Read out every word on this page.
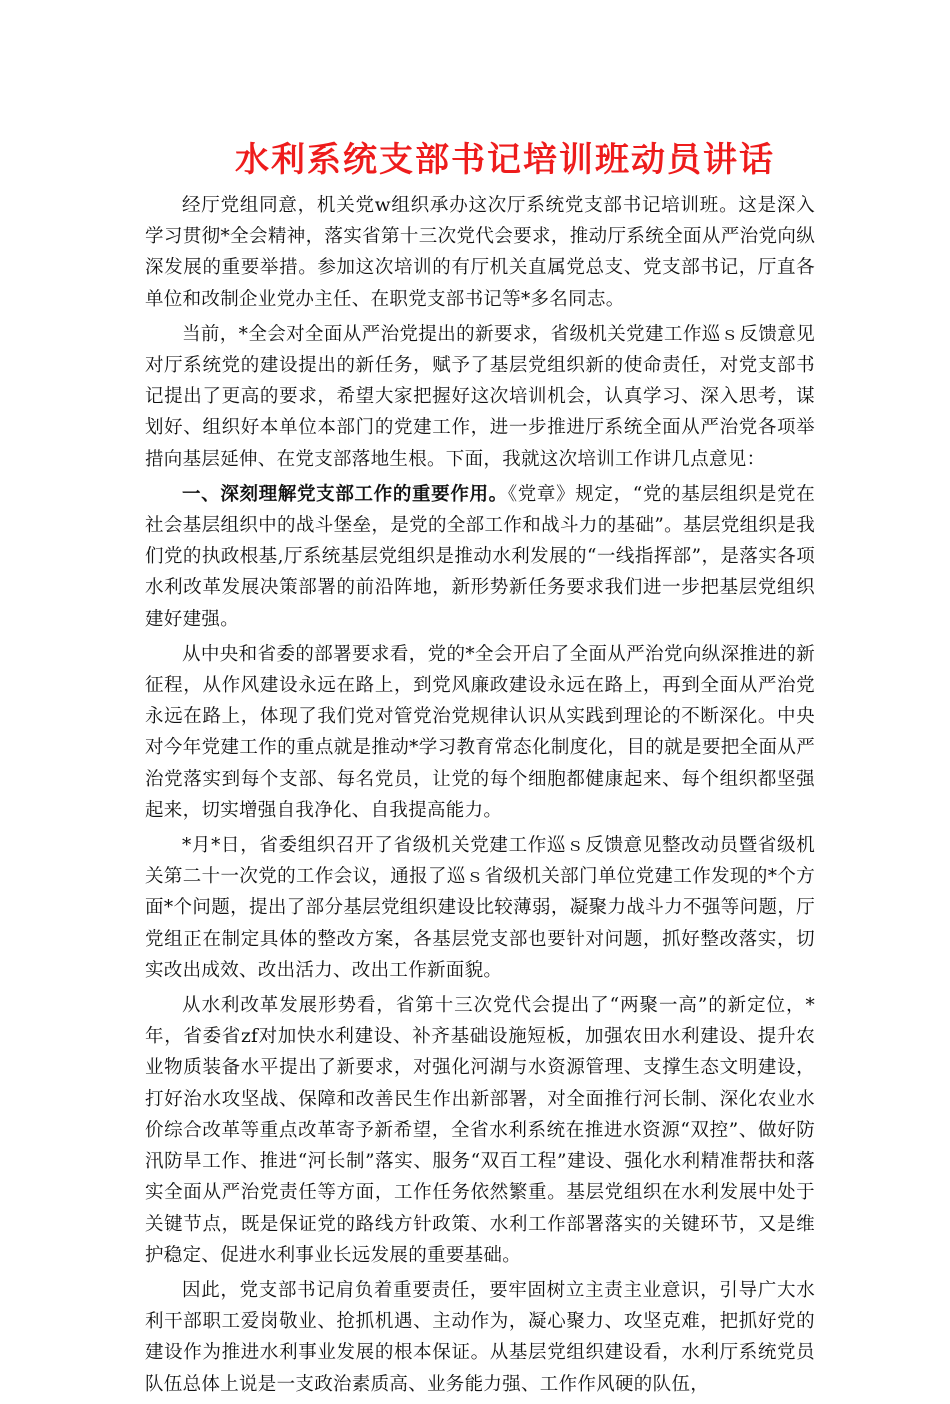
水利系统支部书记培训班动员讲话

经厅党组同意，机关党w组织承办这次厅系统党支部书记培训班。这是深入学习贯彻*全会精神，落实省第十三次党代会要求，推动厅系统全面从严治党向纵深发展的重要举措。参加这次培训的有厅机关直属党总支、党支部书记，厅直各单位和改制企业党办主任、在职党支部书记等*多名同志。

当前，*全会对全面从严治党提出的新要求，省级机关党建工作巡ｓ反馈意见对厅系统党的建设提出的新任务，赋予了基层党组织新的使命责任，对党支部书记提出了更高的要求，希望大家把握好这次培训机会，认真学习、深入思考，谋划好、组织好本单位本部门的党建工作，进一步推进厅系统全面从严治党各项举措向基层延伸、在党支部落地生根。下面，我就这次培训工作讲几点意见：

一、深刻理解党支部工作的重要作用。《党章》规定，“党的基层组织是党在社会基层组织中的战斗堡垒，是党的全部工作和战斗力的基础”。基层党组织是我们党的执政根基,厅系统基层党组织是推动水利发展的“一线指挥部”，是落实各项水利改革发展决策部署的前沿阵地，新形势新任务要求我们进一步把基层党组织建好建强。

从中央和省委的部署要求看，党的*全会开启了全面从严治党向纵深推进的新征程，从作风建设永远在路上，到党风廉政建设永远在路上，再到全面从严治党永远在路上，体现了我们党对管党治党规律认识从实践到理论的不断深化。中央对今年党建工作的重点就是推动*学习教育常态化制度化，目的就是要把全面从严治党落实到每个支部、每名党员，让党的每个细胞都健康起来、每个组织都坚强起来，切实增强自我净化、自我提高能力。

*月*日，省委组织召开了省级机关党建工作巡ｓ反馈意见整改动员暨省级机关第二十一次党的工作会议，通报了巡ｓ省级机关部门单位党建工作发现的*个方面*个问题，提出了部分基层党组织建设比较薄弱，凝聚力战斗力不强等问题，厅党组正在制定具体的整改方案，各基层党支部也要针对问题，抓好整改落实，切实改出成效、改出活力、改出工作新面貌。

从水利改革发展形势看，省第十三次党代会提出了“两聚一高”的新定位，*年，省委省zf对加快水利建设、补齐基础设施短板，加强农田水利建设、提升农业物质装备水平提出了新要求，对强化河湖与水资源管理、支撑生态文明建设，打好治水攻坚战、保障和改善民生作出新部署，对全面推行河长制、深化农业水价综合改革等重点改革寄予新希望，全省水利系统在推进水资源“双控”、做好防汛防旱工作、推进“河长制”落实、服务“双百工程”建设、强化水利精准帮扶和落实全面从严治党责任等方面，工作任务依然繁重。基层党组织在水利发展中处于关键节点，既是保证党的路线方针政策、水利工作部署落实的关键环节，又是维护稳定、促进水利事业长远发展的重要基础。

因此，党支部书记肩负着重要责任，要牢固树立主责主业意识，引导广大水利干部职工爱岗敬业、抢抓机遇、主动作为，凝心聚力、攻坚克难，把抓好党的建设作为推进水利事业发展的根本保证。从基层党组织建设看，水利厅系统党员队伍总体上说是一支政治素质高、业务能力强、工作作风硬的队伍，
